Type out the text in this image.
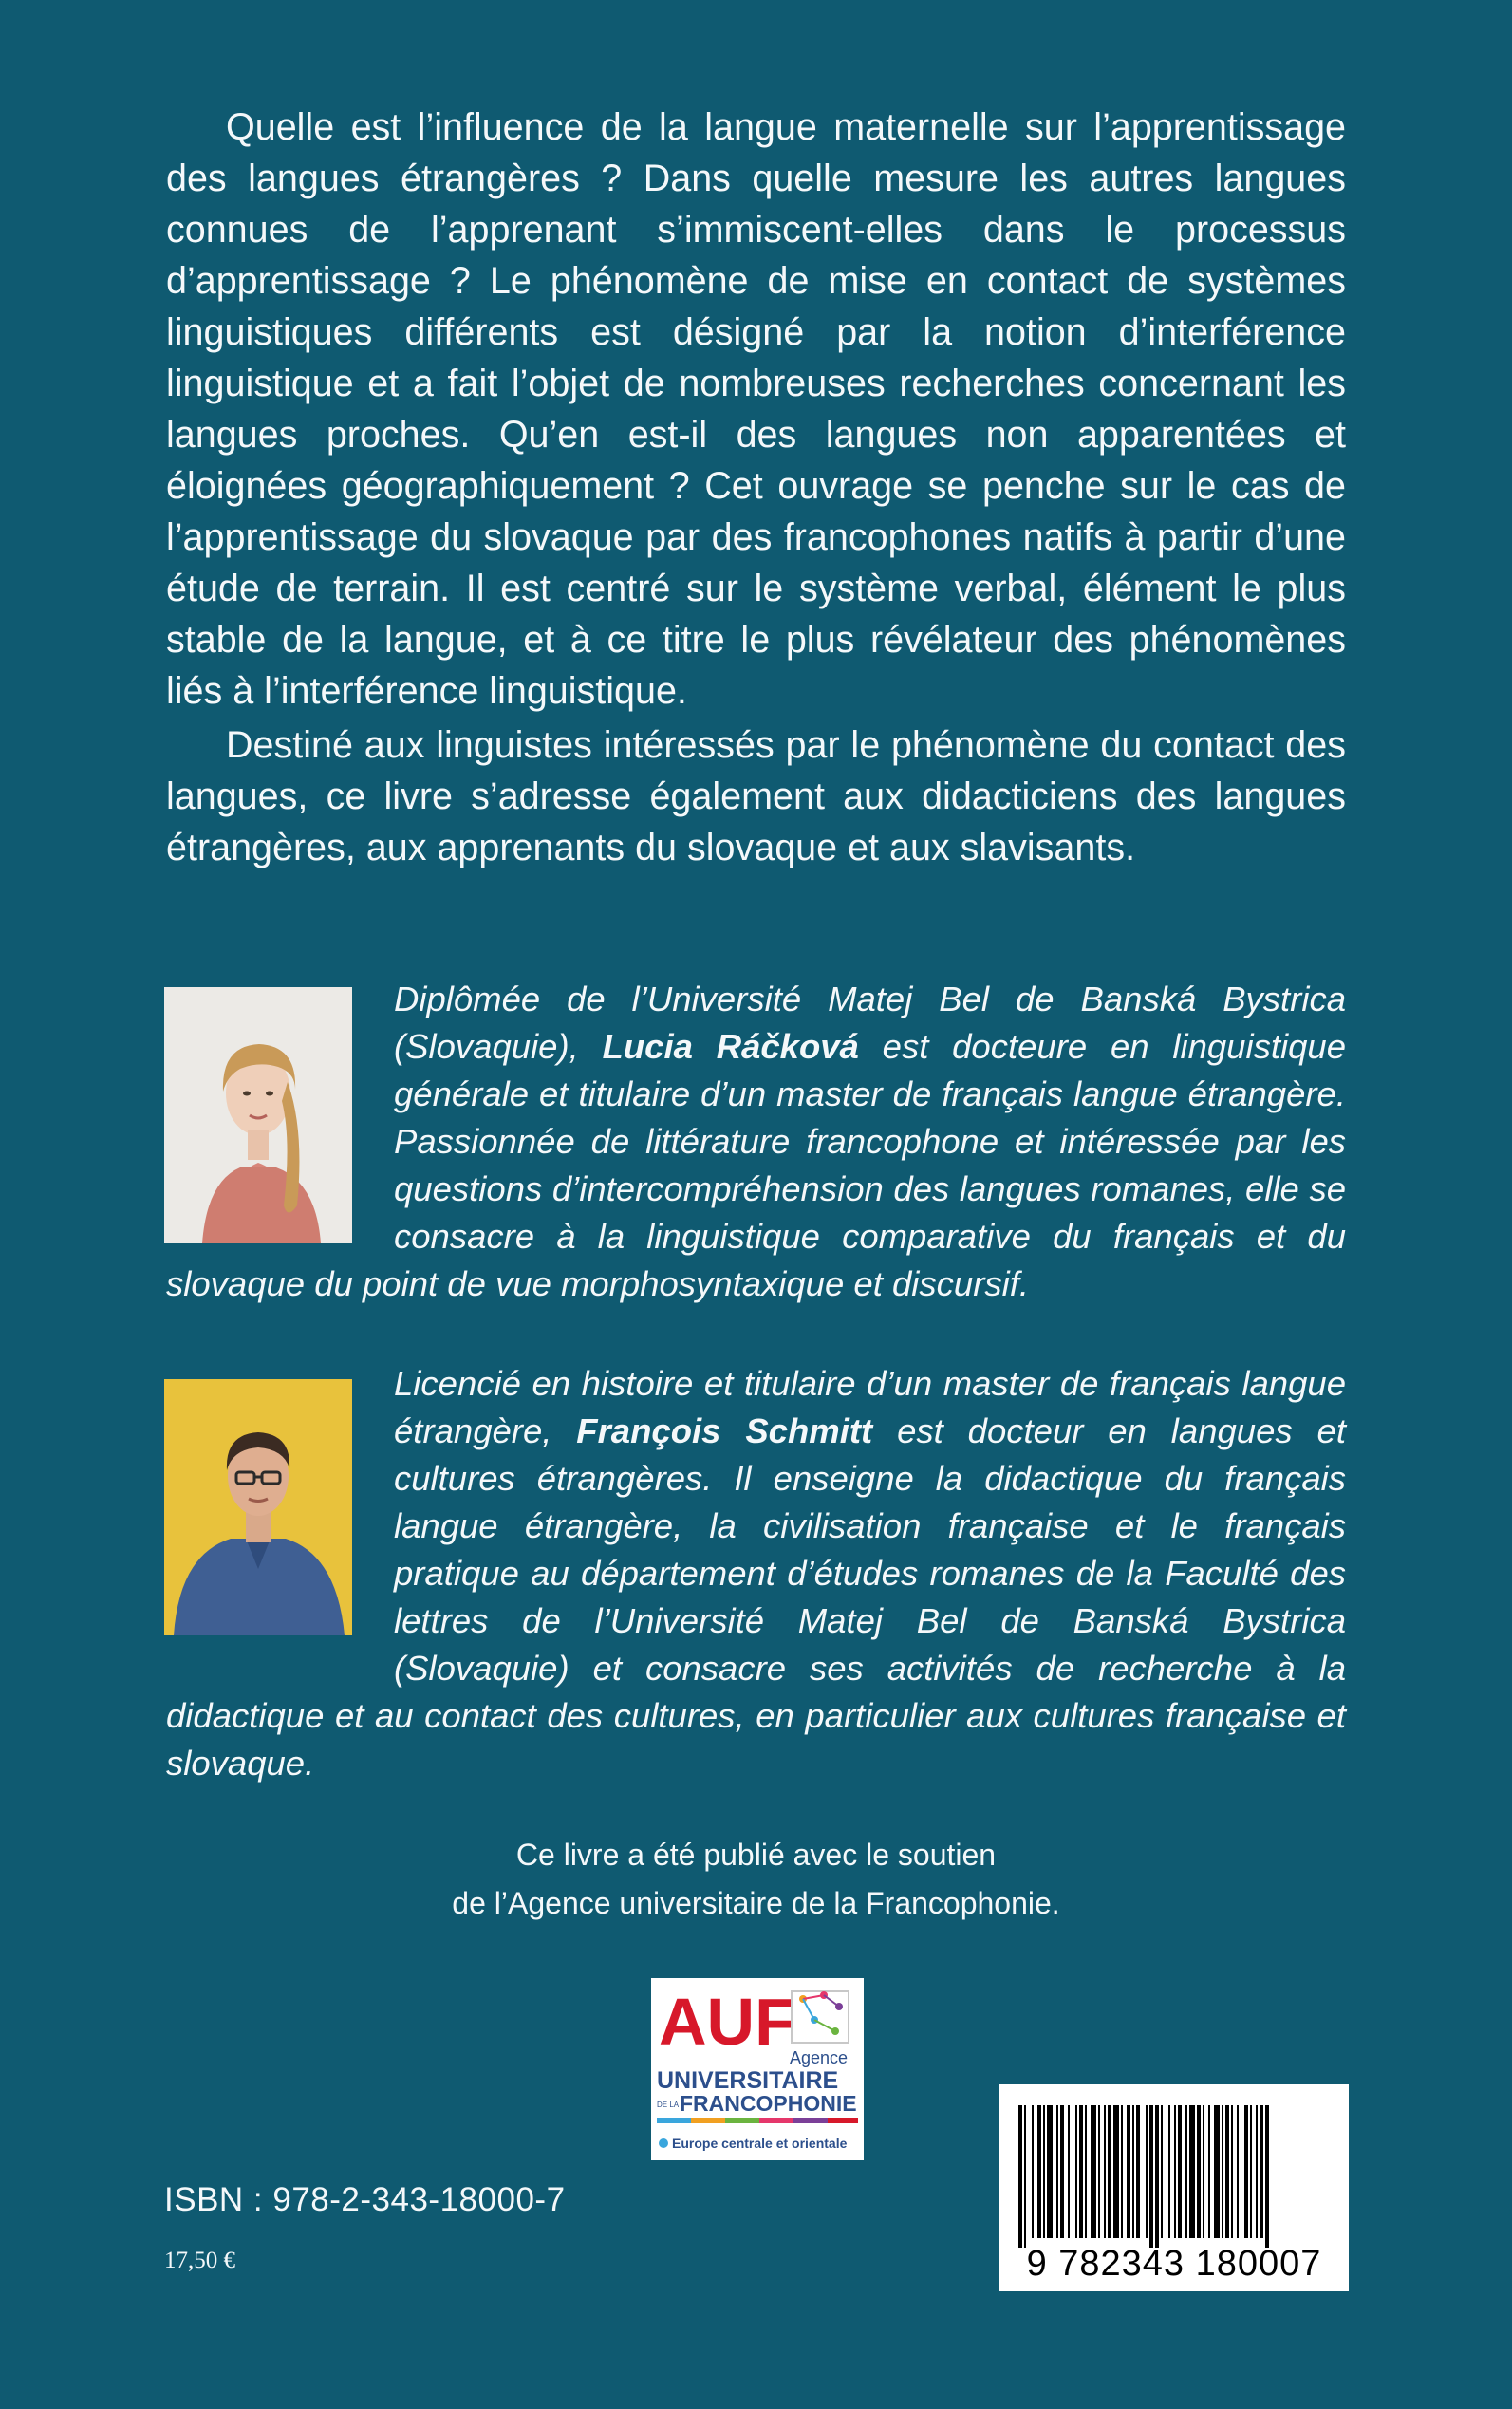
Quelle est l’influence de la langue maternelle sur l’apprentissage des langues étrangères ? Dans quelle mesure les autres langues connues de l’apprenant s’immiscent-elles dans le processus d’apprentissage ? Le phénomène de mise en contact de systèmes linguistiques différents est désigné par la notion d’interférence linguistique et a fait l’objet de nombreuses recherches concernant les langues proches. Qu’en est-il des langues non apparentées et éloignées géographiquement ? Cet ouvrage se penche sur le cas de l’apprentissage du slovaque par des francophones natifs à partir d’une étude de terrain. Il est centré sur le système verbal, élément le plus stable de la langue, et à ce titre le plus révélateur des phénomènes liés à l’interférence linguistique.
Destiné aux linguistes intéressés par le phénomène du contact des langues, ce livre s’adresse également aux didacticiens des langues étrangères, aux apprenants du slovaque et aux slavisants.
Diplômée de l’Université Matej Bel de Banská Bystrica (Slovaquie), Lucia Ráčková est docteure en linguistique générale et titulaire d’un master de français langue étrangère. Passionnée de littérature francophone et intéressée par les questions d’intercompréhension des langues romanes, elle se consacre à la linguistique comparative du français et du slovaque du point de vue morphosyntaxique et discursif.
Licencié en histoire et titulaire d’un master de français langue étrangère, François Schmitt est docteur en langues et cultures étrangères. Il enseigne la didactique du français langue étrangère, la civilisation française et le français pratique au département d’études romanes de la Faculté des lettres de l’Université Matej Bel de Banská Bystrica (Slovaquie) et consacre ses activités de recherche à la didactique et au contact des cultures, en particulier aux cultures française et slovaque.
Ce livre a été publié avec le soutien
de l’Agence universitaire de la Francophonie.
AUF
Agence
UNIVERSITAIRE
DE LA FRANCOPHONIE
Europe centrale et orientale
9 782343 180007
ISBN : 978-2-343-18000-7
17,50 €
